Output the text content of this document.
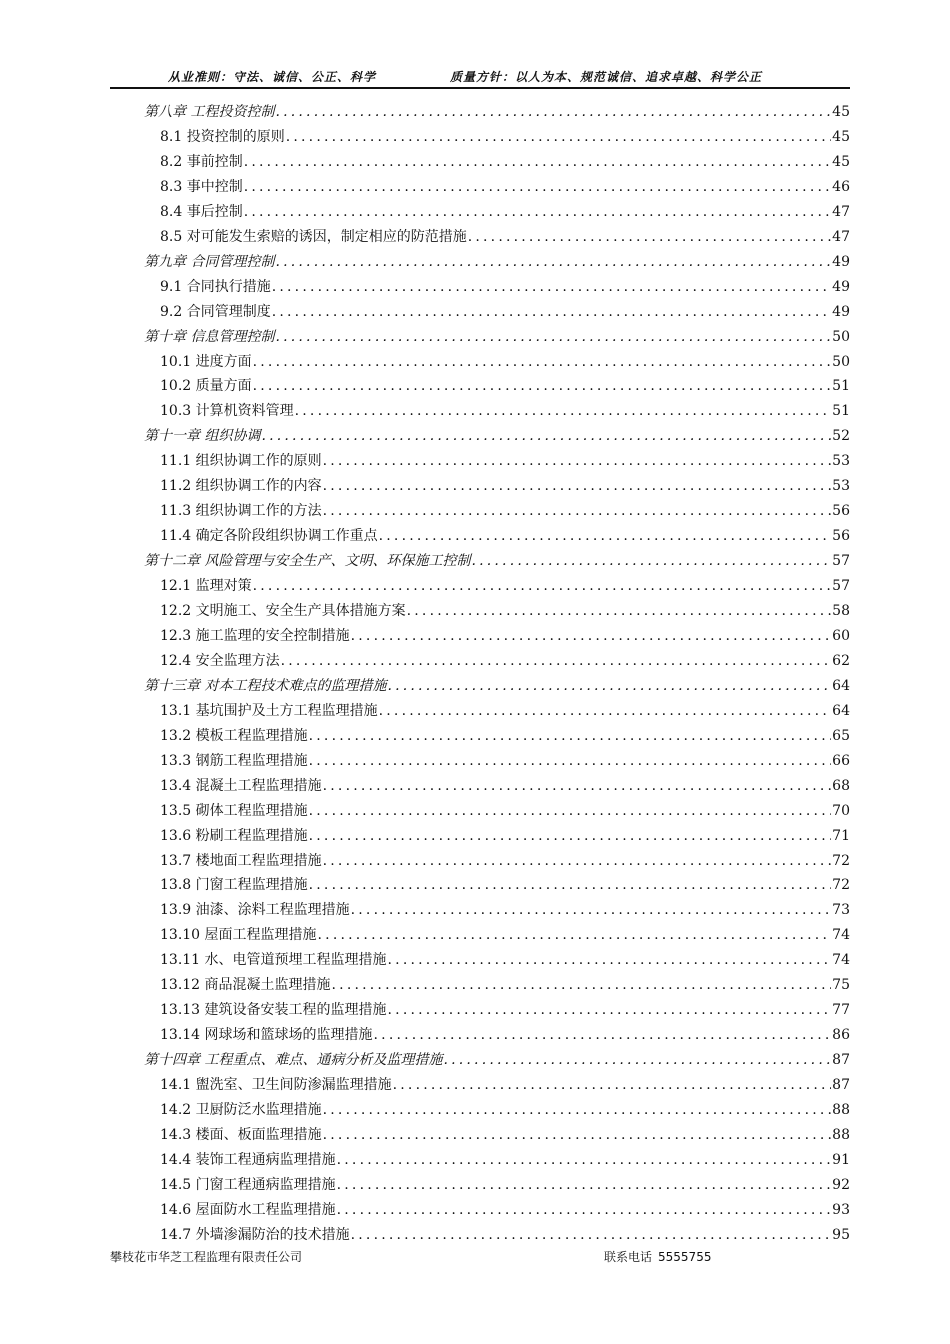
从业准则：守法、诚信、公正、科学	质量方针：以人为本、规范诚信、追求卓越、科学公正
第八章 工程投资控制 .....	45
8.1 投资控制的原则 .....	45
8.2 事前控制 .....	45
8.3 事中控制 .....	46
8.4 事后控制 .....	47
8.5 对可能发生索赔的诱因，制定相应的防范措施 .....	47
第九章 合同管理控制 .....	49
9.1 合同执行措施 .....	49
9.2 合同管理制度 .....	49
第十章 信息管理控制 .....	50
10.1 进度方面 .....	50
10.2 质量方面 .....	51
10.3 计算机资料管理 .....	51
第十一章 组织协调 .....	52
11.1 组织协调工作的原则 .....	53
11.2 组织协调工作的内容 .....	53
11.3 组织协调工作的方法 .....	56
11.4 确定各阶段组织协调工作重点 .....	56
第十二章 风险管理与安全生产、文明、环保施工控制 .....	57
12.1 监理对策 .....	57
12.2 文明施工、安全生产具体措施方案 .....	58
12.3 施工监理的安全控制措施 .....	60
12.4 安全监理方法 .....	62
第十三章 对本工程技术难点的监理措施 .....	64
13.1 基坑围护及土方工程监理措施 .....	64
13.2 模板工程监理措施 .....	65
13.3 钢筋工程监理措施 .....	66
13.4 混凝土工程监理措施 .....	68
13.5 砌体工程监理措施 .....	70
13.6 粉刷工程监理措施 .....	71
13.7 楼地面工程监理措施 .....	72
13.8 门窗工程监理措施 .....	72
13.9 油漆、涂料工程监理措施 .....	73
13.10 屋面工程监理措施 .....	74
13.11 水、电管道预埋工程监理措施 .....	74
13.12 商品混凝土监理措施 .....	75
13.13 建筑设备安装工程的监理措施 .....	77
13.14 网球场和篮球场的监理措施 .....	86
第十四章 工程重点、难点、通病分析及监理措施 .....	87
14.1 盥洗室、卫生间防渗漏监理措施 .....	87
14.2 卫厨防泛水监理措施 .....	88
14.3 楼面、板面监理措施 .....	88
14.4 装饰工程通病监理措施 .....	91
14.5 门窗工程通病监理措施 .....	92
14.6 屋面防水工程监理措施 .....	93
14.7 外墙渗漏防治的技术措施 .....	95
攀枝花市华芝工程监理有限责任公司	联系电话 5555755
